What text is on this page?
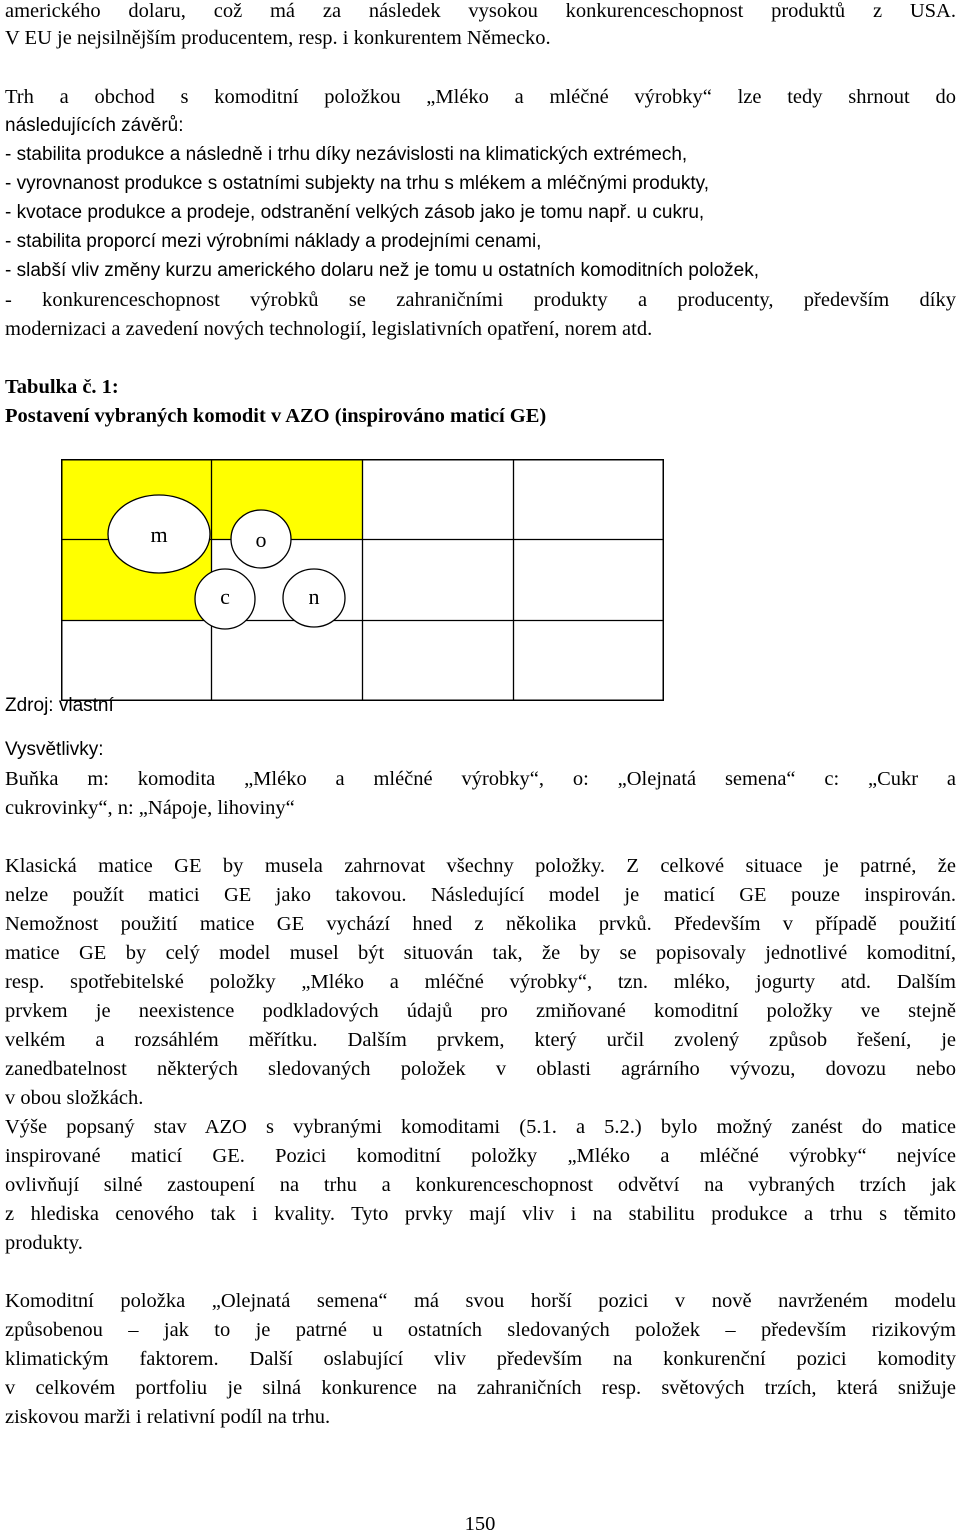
amerického dolaru, což má za následek vysokou konkurenceschopnost produktů z USA.
V EU je nejsilnějším producentem, resp. i konkurentem Německo.
Trh a obchod s komoditní položkou „Mléko a mléčné výrobky“ lze tedy shrnout do
následujících závěrů:
- stabilita produkce a následně i trhu díky nezávislosti na klimatických extrémech,
- vyrovnanost produkce s ostatními subjekty na trhu s mlékem a mléčnými produkty,
- kvotace produkce a prodeje, odstranění velkých zásob jako je tomu např. u cukru,
- stabilita proporcí mezi výrobními náklady a prodejními cenami,
- slabší vliv změny kurzu amerického dolaru než je tomu u ostatních komoditních položek,
- konkurenceschopnost výrobků se zahraničními produkty a producenty, především díky
modernizaci a zavedení nových technologií, legislativních opatření, norem atd.
Tabulka č. 1:
Postavení vybraných komodit v AZO (inspirováno maticí GE)
m	o
c	n
Zdroj: vlastní
Vysvětlivky:
Buňka m: komodita „Mléko a mléčné výrobky“, o: „Olejnatá semena“ c: „Cukr a
cukrovinky“, n: „Nápoje, lihoviny“
Klasická matice GE by musela zahrnovat všechny položky. Z celkové situace je patrné, že
nelze použít matici GE jako takovou. Následující model je maticí GE pouze inspirován.
Nemožnost použití matice GE vychází hned z několika prvků. Především v případě použití
matice GE by celý model musel být situován tak, že by se popisovaly jednotlivé komoditní,
resp. spotřebitelské položky „Mléko a mléčné výrobky“, tzn. mléko, jogurty atd. Dalším
prvkem je neexistence podkladových údajů pro zmiňované komoditní položky ve stejně
velkém a rozsáhlém měřítku. Dalším prvkem, který určil zvolený způsob řešení, je
zanedbatelnost některých sledovaných položek v oblasti agrárního vývozu, dovozu nebo
v obou složkách.
Výše popsaný stav AZO s vybranými komoditami (5.1. a 5.2.) bylo možný zanést do matice
inspirované maticí GE. Pozici komoditní položky „Mléko a mléčné výrobky“ nejvíce
ovlivňují silné zastoupení na trhu a konkurenceschopnost odvětví na vybraných trzích jak
z hlediska cenového tak i kvality. Tyto prvky mají vliv i na stabilitu produkce a trhu s těmito
produkty.
Komoditní položka „Olejnatá semena“ má svou horší pozici v nově navrženém modelu
způsobenou – jak to je patrné u ostatních sledovaných položek – především rizikovým
klimatickým faktorem. Další oslabující vliv především na konkurenční pozici komodity
v celkovém portfoliu je silná konkurence na zahraničních resp. světových trzích, která snižuje
ziskovou marži i relativní podíl na trhu.
150
